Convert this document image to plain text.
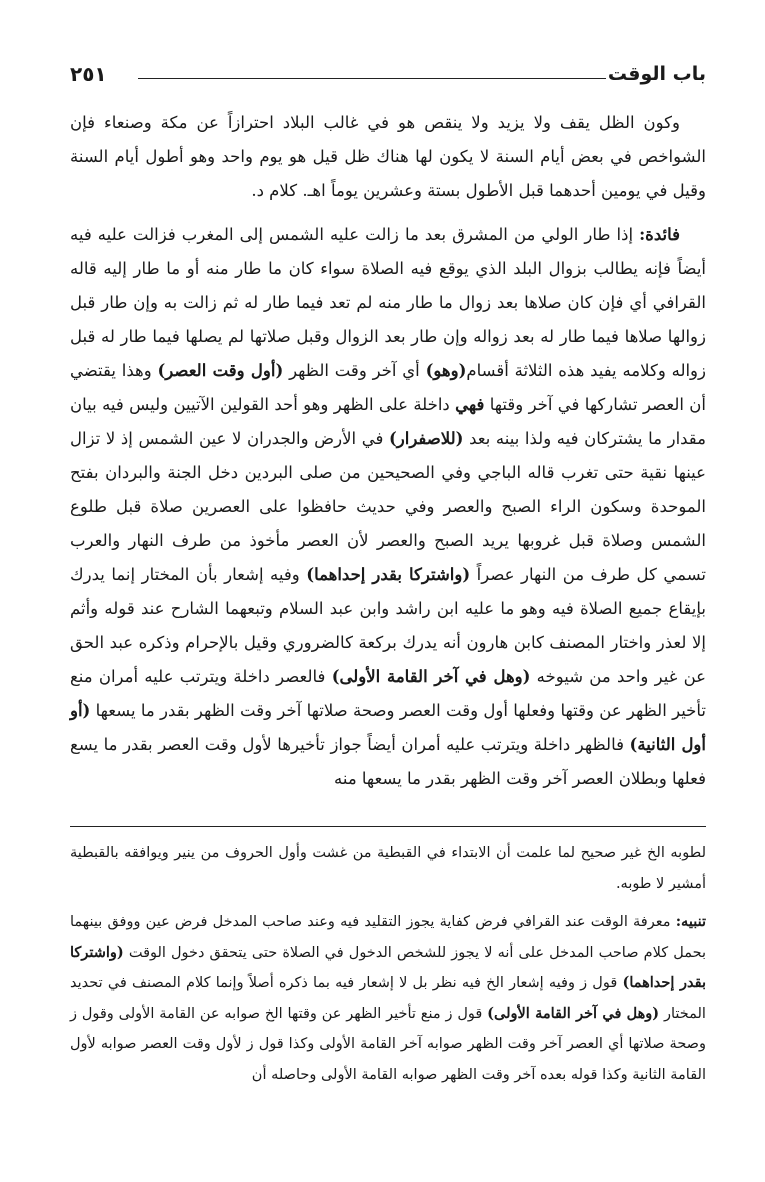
باب الوقت
٢٥١

وكون الظل يقف ولا يزيد ولا ينقص هو في غالب البلاد احترازاً عن مكة وصنعاء فإن الشواخص في بعض أيام السنة لا يكون لها هناك ظل قيل هو يوم واحد وهو أطول أيام السنة وقيل في يومين أحدهما قبل الأطول بستة وعشرين يوماً اهـ. كلام د.

فائدة: إذا طار الولي من المشرق بعد ما زالت عليه الشمس إلى المغرب فزالت عليه فيه أيضاً فإنه يطالب بزوال البلد الذي يوقع فيه الصلاة سواء كان ما طار منه أو ما طار إليه قاله القرافي أي فإن كان صلاها بعد زوال ما طار منه لم تعد فيما طار له ثم زالت به وإن طار قبل زوالها صلاها فيما طار له بعد زواله وإن طار بعد الزوال وقبل صلاتها لم يصلها فيما طار له قبل زواله وكلامه يفيد هذه الثلاثة أقسام(وهو) أي آخر وقت الظهر (أول وقت العصر) وهذا يقتضي أن العصر تشاركها في آخر وقتها فهي داخلة على الظهر وهو أحد القولين الآتيين وليس فيه بيان مقدار ما يشتركان فيه ولذا بينه بعد (للاصفرار) في الأرض والجدران لا عين الشمس إذ لا تزال عينها نقية حتى تغرب قاله الباجي وفي الصحيحين من صلى البردين دخل الجنة والبردان بفتح الموحدة وسكون الراء الصبح والعصر وفي حديث حافظوا على العصرين صلاة قبل طلوع الشمس وصلاة قبل غروبها يريد الصبح والعصر لأن العصر مأخوذ من طرف النهار والعرب تسمي كل طرف من النهار عصراً (واشتركا بقدر إحداهما) وفيه إشعار بأن المختار إنما يدرك بإيقاع جميع الصلاة فيه وهو ما عليه ابن راشد وابن عبد السلام وتبعهما الشارح عند قوله وأثم إلا لعذر واختار المصنف كابن هارون أنه يدرك بركعة كالضروري وقيل بالإحرام وذكره عبد الحق عن غير واحد من شيوخه (وهل في آخر القامة الأولى) فالعصر داخلة ويترتب عليه أمران منع تأخير الظهر عن وقتها وفعلها أول وقت العصر وصحة صلاتها آخر وقت الظهر بقدر ما يسعها (أو أول الثانية) فالظهر داخلة ويترتب عليه أمران أيضاً جواز تأخيرها لأول وقت العصر بقدر ما يسع فعلها وبطلان العصر آخر وقت الظهر بقدر ما يسعها منه

لطوبه الخ غير صحيح لما علمت أن الابتداء في القبطية من غشت وأول الحروف من ينير ويوافقه بالقبطية أمشير لا طوبه.

تنبيه: معرفة الوقت عند القرافي فرض كفاية يجوز التقليد فيه وعند صاحب المدخل فرض عين ووفق بينهما بحمل كلام صاحب المدخل على أنه لا يجوز للشخص الدخول في الصلاة حتى يتحقق دخول الوقت (واشتركا بقدر إحداهما) قول ز وفيه إشعار الخ فيه نظر بل لا إشعار فيه بما ذكره أصلاً وإنما كلام المصنف في تحديد المختار (وهل في آخر القامة الأولى) قول ز منع تأخير الظهر عن وقتها الخ صوابه عن القامة الأولى وقول ز وصحة صلاتها أي العصر آخر وقت الظهر صوابه آخر القامة الأولى وكذا قول ز لأول وقت العصر صوابه لأول القامة الثانية وكذا قوله بعده آخر وقت الظهر صوابه القامة الأولى وحاصله أن
